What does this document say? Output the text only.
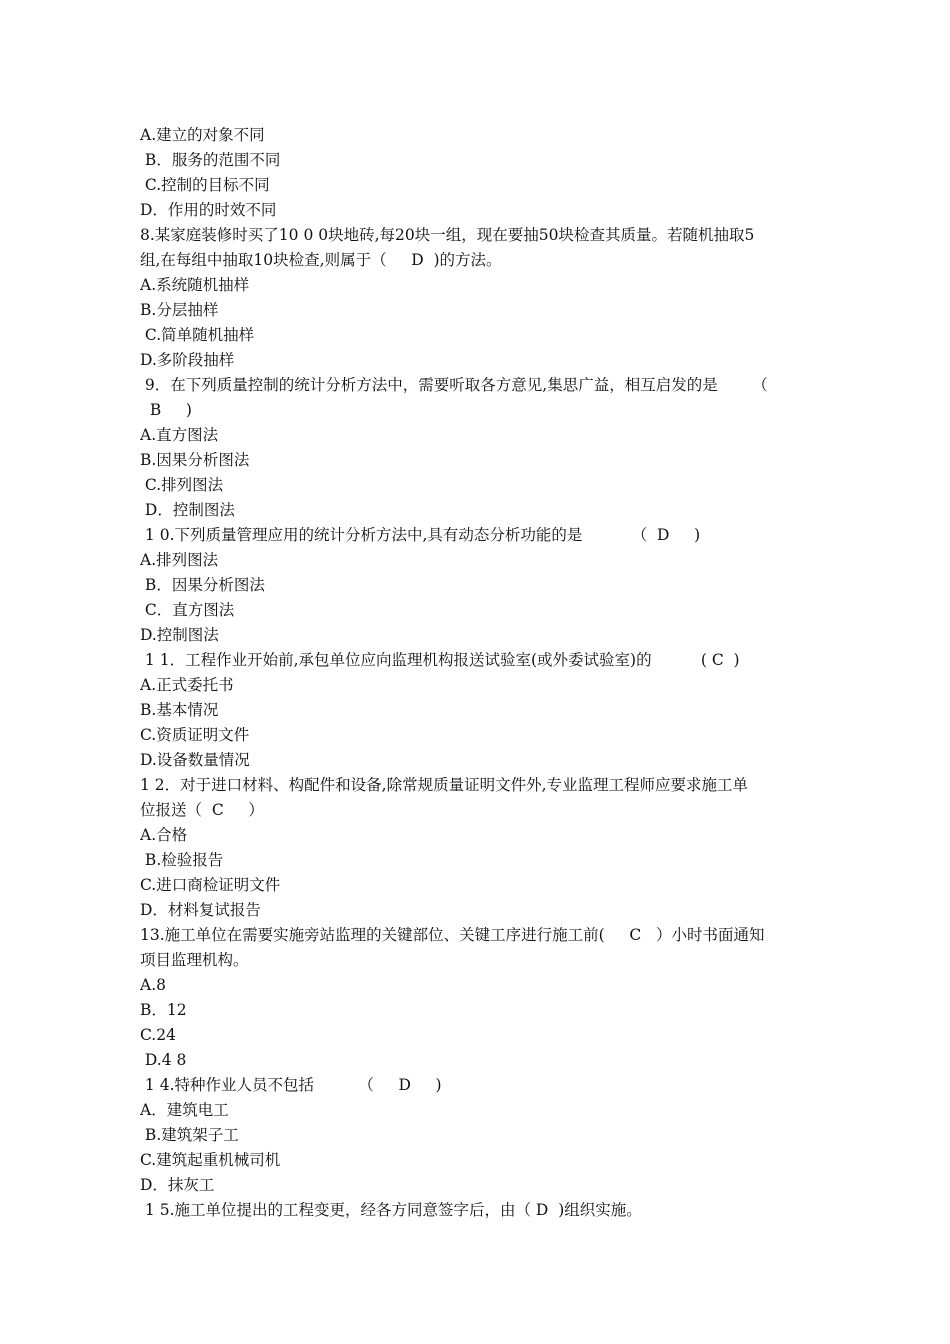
A.建立的对象不同
B．服务的范围不同
C.控制的目标不同
D．作用的时效不同
8.某家庭装修时买了10 0 0块地砖,每20块一组，现在要抽50块检查其质量。若随机抽取5
组,在每组中抽取10块检查,则属于（     D  )的方法。
A.系统随机抽样
B.分层抽样
C.简单随机抽样
D.多阶段抽样
9．在下列质量控制的统计分析方法中，需要听取各方意见,集思广益，相互启发的是       （
B     )
A.直方图法
B.因果分析图法
C.排列图法
D．控制图法
1 0.下列质量管理应用的统计分析方法中,具有动态分析功能的是          （  D     )
A.排列图法
B．因果分析图法
C．直方图法
D.控制图法
1 1．工程作业开始前,承包单位应向监理机构报送试验室(或外委试验室)的          ( C  )
A.正式委托书
B.基本情况
C.资质证明文件
D.设备数量情况
1 2．对于进口材料、构配件和设备,除常规质量证明文件外,专业监理工程师应要求施工单
位报送（  C     ）
A.合格
B.检验报告
C.进口商检证明文件
D．材料复试报告
13.施工单位在需要实施旁站监理的关键部位、关键工序进行施工前(     C   ）小时书面通知
项目监理机构。
A.8
B．12
C.24
D.4 8
1 4.特种作业人员不包括         （     D     )
A．建筑电工
B.建筑架子工
C.建筑起重机械司机
D．抹灰工
1 5.施工单位提出的工程变更，经各方同意签字后，由（ D  )组织实施。
